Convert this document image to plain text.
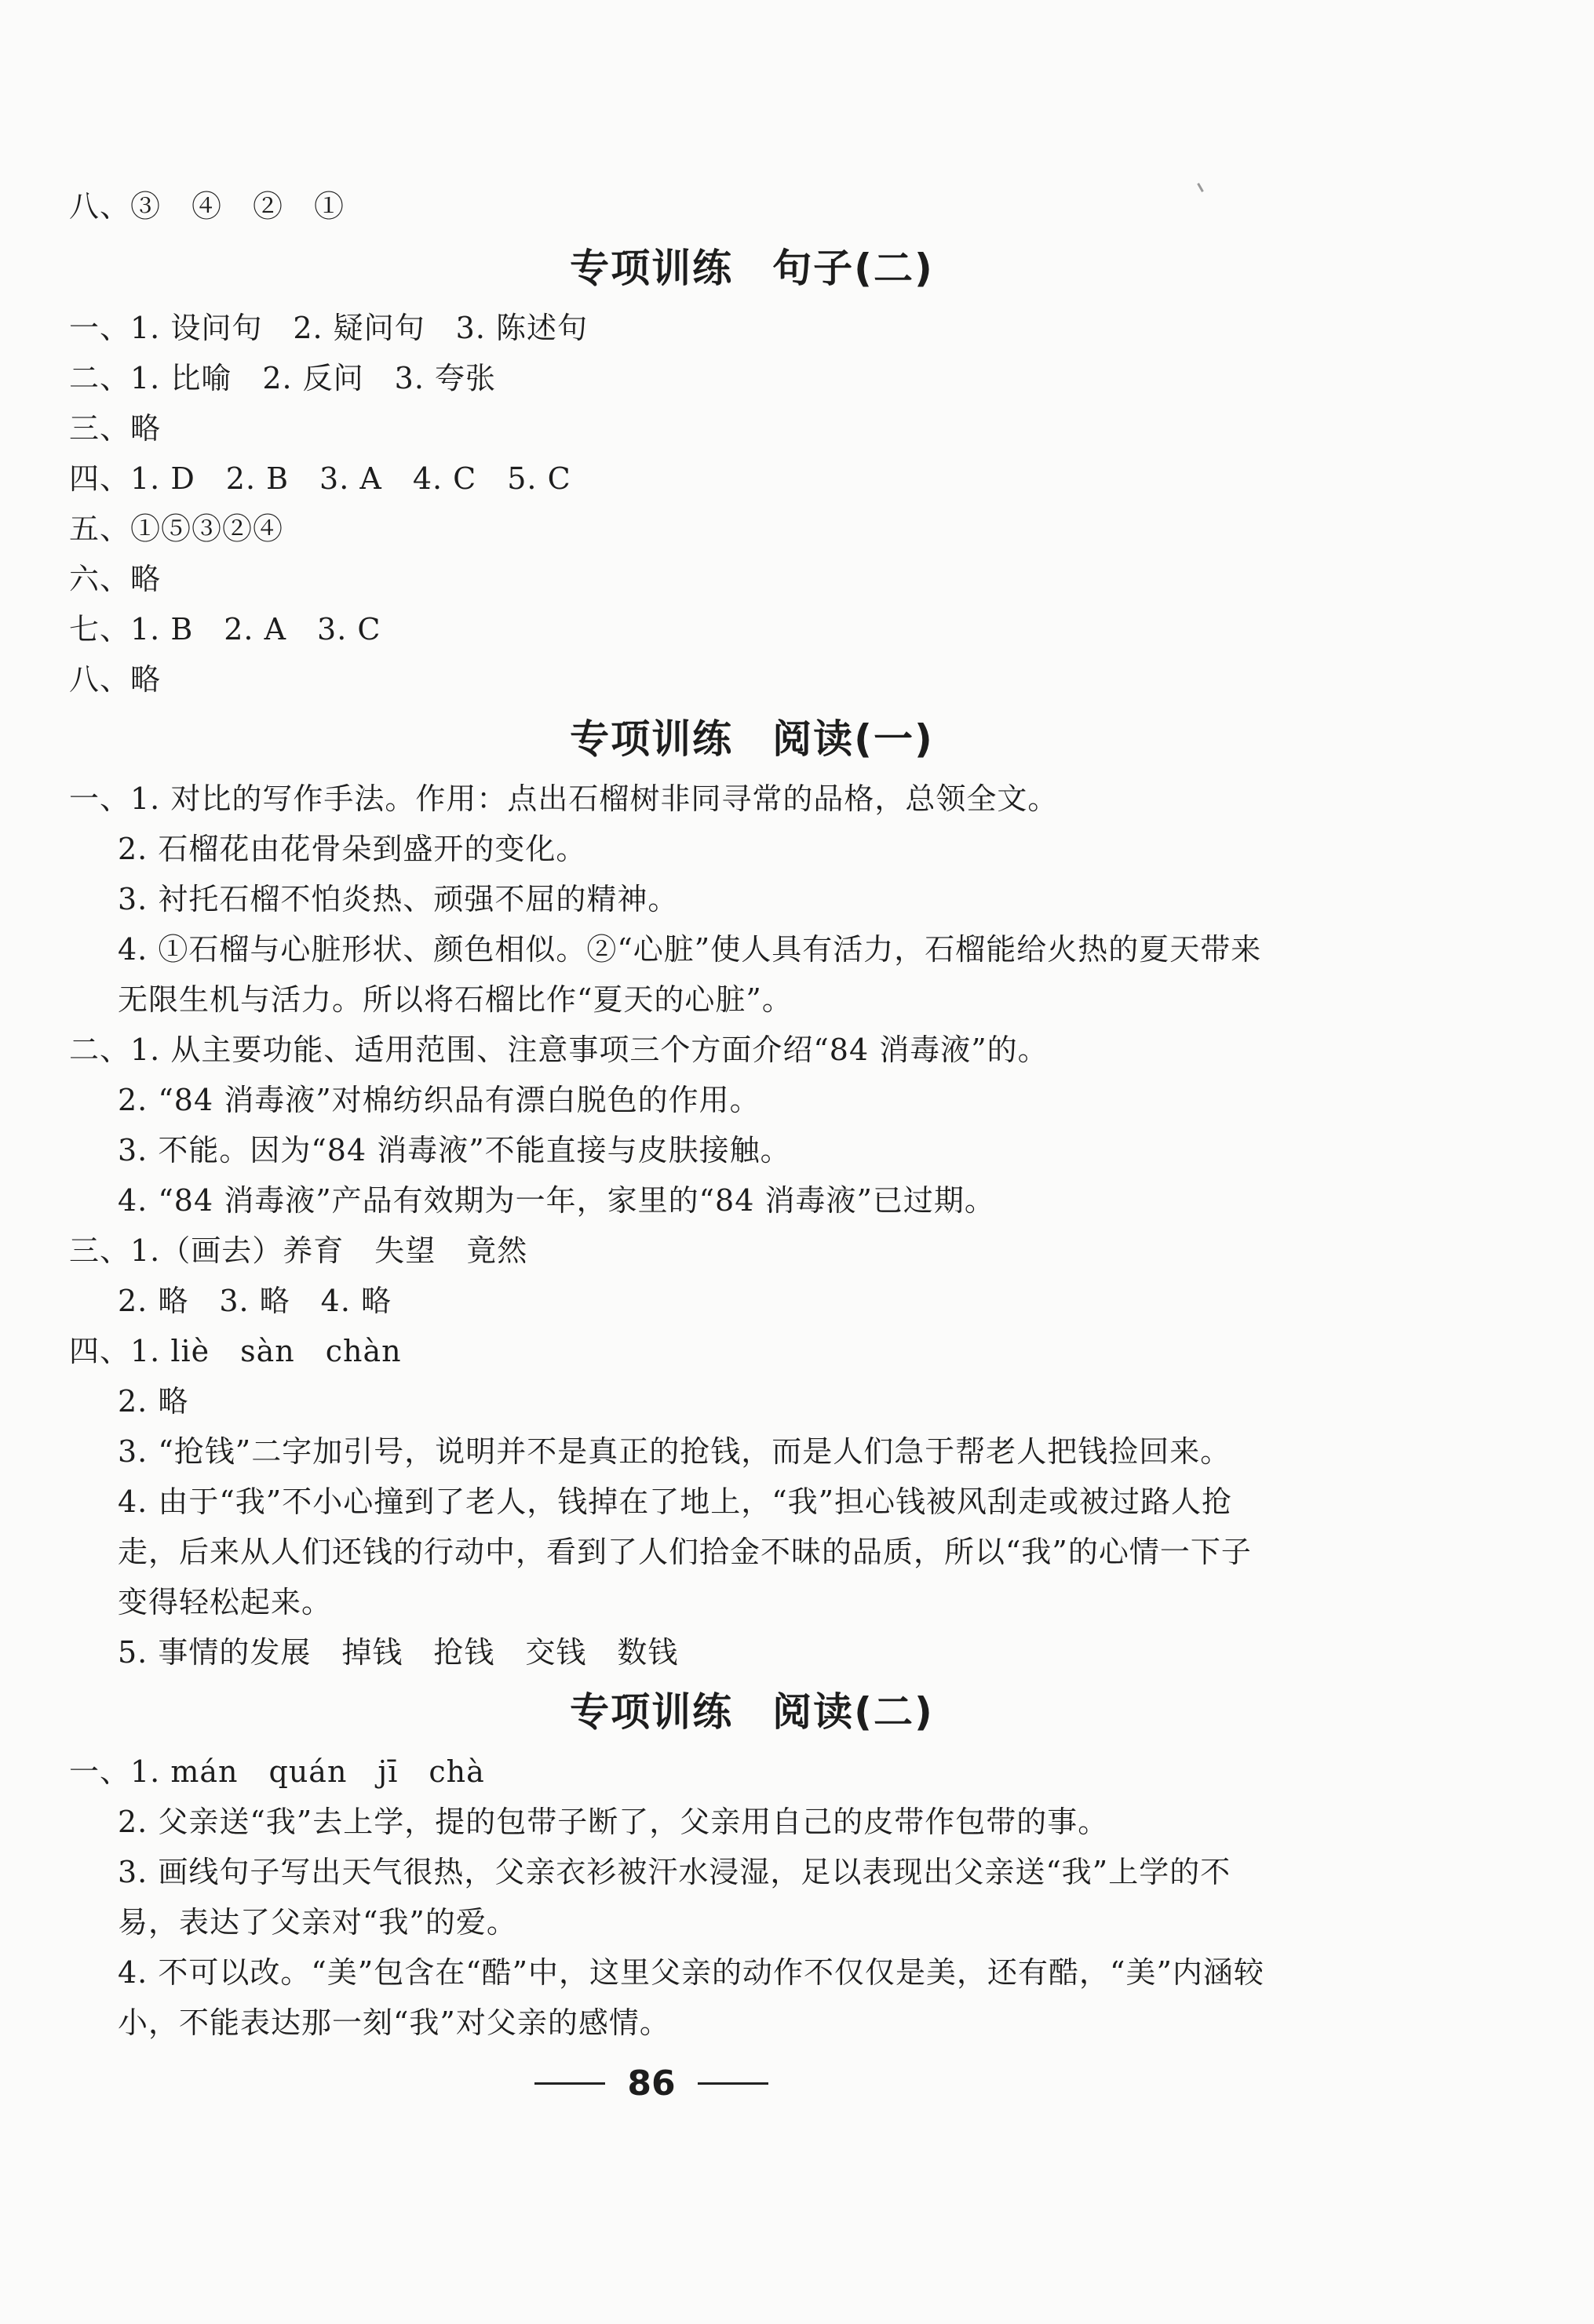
八、③　④　②　①
专项训练 句子(二)
一、1. 设问句　2. 疑问句　3. 陈述句
二、1. 比喻　2. 反问　3. 夸张
三、略
四、1. D　2. B　3. A　4. C　5. C
五、①⑤③②④
六、略
七、1. B　2. A　3. C
八、略
专项训练 阅读(一)
一、1. 对比的写作手法。作用：点出石榴树非同寻常的品格，总领全文。
2. 石榴花由花骨朵到盛开的变化。
3. 衬托石榴不怕炎热、顽强不屈的精神。
4. ①石榴与心脏形状、颜色相似。②“心脏”使人具有活力，石榴能给火热的夏天带来
无限生机与活力。所以将石榴比作“夏天的心脏”。
二、1. 从主要功能、适用范围、注意事项三个方面介绍“84 消毒液”的。
2. “84 消毒液”对棉纺织品有漂白脱色的作用。
3. 不能。因为“84 消毒液”不能直接与皮肤接触。
4. “84 消毒液”产品有效期为一年，家里的“84 消毒液”已过期。
三、1.（画去）养育　失望　竟然
2. 略　3. 略　4. 略
四、1. liè　sàn　chàn
2. 略
3. “抢钱”二字加引号，说明并不是真正的抢钱，而是人们急于帮老人把钱捡回来。
4. 由于“我”不小心撞到了老人，钱掉在了地上，“我”担心钱被风刮走或被过路人抢
走，后来从人们还钱的行动中，看到了人们拾金不昧的品质，所以“我”的心情一下子
变得轻松起来。
5. 事情的发展　掉钱　抢钱　交钱　数钱
专项训练 阅读(二)
一、1. mán　quán　jī　chà
2. 父亲送“我”去上学，提的包带子断了，父亲用自己的皮带作包带的事。
3. 画线句子写出天气很热，父亲衣衫被汗水浸湿，足以表现出父亲送“我”上学的不
易，表达了父亲对“我”的爱。
4. 不可以改。“美”包含在“酷”中，这里父亲的动作不仅仅是美，还有酷，“美”内涵较
小，不能表达那一刻“我”对父亲的感情。
86
